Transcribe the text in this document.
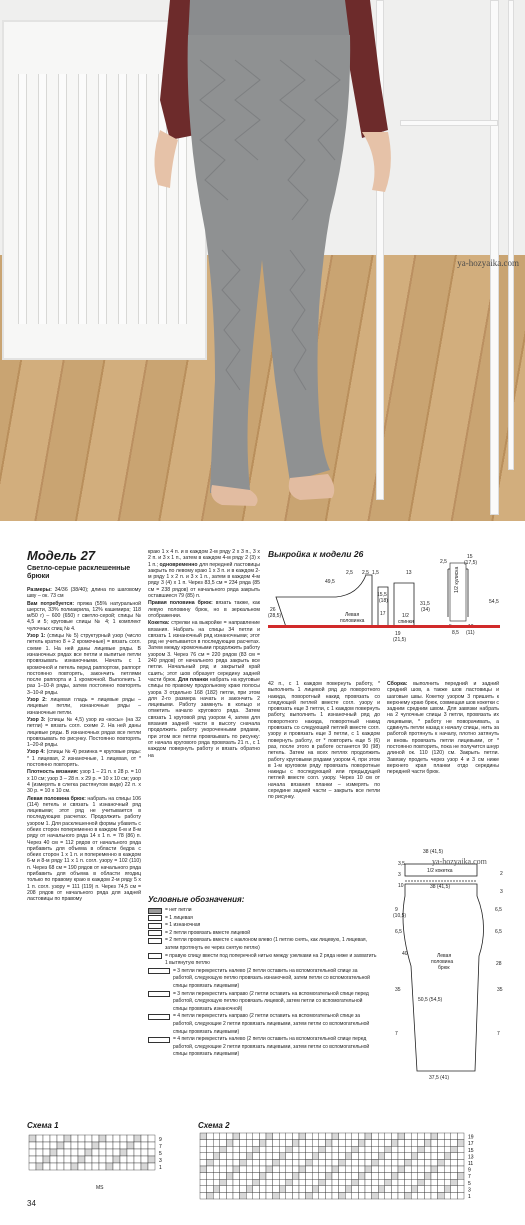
ya-hozyaika.com
Модель 27
Светло-серые расклешенные брюки

Размеры: 34/36 (38/40); длина по шаговому шву – ок. 73 см

Вам потребуется: пряжа (55% натуральной шерсти, 33% полиакрила, 12% кашемира; 118 м/50 г) – 600 (650) г светло-серой; спицы № 4,5 и 5; круговые спицы № 4; 1 комплект чулочных спиц № 4.

Узор 1: (спицы № 5) структурный узор (число петель кратно 8 + 2 кромочные) = вязать согл. схеме 1. На ней даны лицевые ряды. В изнаночных рядах все петли и выпитые петли провязывать изнаночными. Начать с 1 кромочной и петель перед раппортом, раппорт постоянно повторять, закончить петлями после раппорта и 1 кромочной. Выполнить 1 раз 1–10-й ряды, затем постоянно повторять 3–10-й ряды.

Узор 2: лицевая гладь = лицевые ряды – лицевые петли, изнаночные ряды – изнаночные петли.

Узор 3: (спицы № 4,5) узор из «косы» (на 32 петли) = вязать согл. схеме 2. На ней даны лицевые ряды. В изнаночных рядах все петли провязывать по рисунку. Постоянно повторять 1–20-й ряды.

Узор 4: (спицы № 4) резинка = круговые ряды: * 1 лицевая, 2 изнаночные, 1 лицевая, от * постоянно повторять.

Плотность вязания: узор 1 – 21 п. х 28 р. = 10 х 10 см; узор 3 – 28 п. х 29 р. = 10 х 10 см; узор 4 (измерять в слегка растянутом виде) 22 п. х 30 р. = 10 х 10 см.

Левая половина брюк: набрать на спицы 106 (114) петель и связать 1 изнаночный ряд лицевыми; этот ряд не учитывается в последующих расчетах. Продолжить работу узором 1. Для расклешенной формы убавить с обеих сторон попеременно в каждом 6-м и 8-м ряду от начального ряда 14 х 1 п. = 78 (86) п. Через 40 см = 112 рядов от начального ряда прибавить для объема в области бедра с обеих сторон 1 х 1 п. и попеременно в каждом 6-м и 8-м ряду 11 х 1 п. согл. узору = 102 (110) п. Через 68 см = 190 рядов от начального ряда прибавить для объема в области ягодиц только по правому краю в каждом 2-м ряду 5 х 1 п. согл. узору = 111 (119) п. Через 74,5 см = 208 рядов от начального ряда для задней ластовицы по правому

краю 1 х 4 п. и в каждом 2-м ряду 2 х 3 п., 3 х 2 п. и 3 х 1 п., затем в каждом 4-м ряду 2 (3) х 1 п.; одновременно для передней ластовицы закрыть по левому краю 1 х 3 п. и в каждом 2-м ряду 1 х 2 п. и 3 х 1 п., затем в каждом 4-м ряду 3 (4) х 1 п. Через 83,5 см = 234 ряда (85 см = 238 рядов) от начального ряда закрыть оставшиеся 79 (85) п.

Правая половина брюк: вязать также, как левую половину брюк, но в зеркальном отображении.

Кокетка: стрелки на выкройке = направление вязания. Набрать на спицы 34 петли и связать 1 изнаночный ряд изнаночными; этот ряд не учитывается в последующих расчетах. Затем между кромочными продолжить работу узором 3. Через 76 см = 220 рядов (83 см = 240 рядов) от начального ряда закрыть все петли. Начальный ряд и закрытый край сшить; этот шов образует середину задней части брюк. Для планки набрать на круговые спицы по правому продольному краю полосы узора 3 отдельно 168 (182) петли, при этом для 2-го размера начать и закончить 2 лицевыми. Работу замкнуть в кольцо и отметить начало кругового ряда. Затем связать 1 круговой ряд узором 4, затем для вязания задней части в высоту сначала продолжить работу укороченными рядами, при этом все петли провязывать по рисунку: от начала кругового ряда провязать 21 п., с 1 каждом повернуть работу и вязать обратно на

42 п., с 1 каждом повернуть работу, * выполнить 1 лицевой ряд до поворотного накида, поворотный накид провязать со следующей петлей вместе согл. узору и провязать еще 3 петли, с 1 каждом повернуть работу, выполнить 1 изнаночный ряд до поворотного накида, поворотный накид провязать со следующей петлей вместе согл. узору и провязать еще 3 петли, с 1 каждом повернуть работу, от * повторить еще 5 (6) раз, после этого в работе останется 90 (98) петель. Затем на всех петлях продолжить работу круговыми рядами узором 4, при этом в 1-м круговом ряду провязать поворотные накиды с последующей или предыдущей петлей вместе согл. узору. Через 10 см от начала вязания планки – измерять по середине задней части – закрыть все петли по рисунку.

Сборка: выполнить передний и задний средний шов, а также шов ластовицы и шаговые швы. Кокетку узором 3 пришить к верхнему краю брюк, совмещая шов кокетки с задним средним швом. Для завязки набрать на 2 чулочные спицы 3 петли, провязать их лицевыми, * работу не поворачивать, а сдвинуть петли назад к началу спицы, нить за работой протянуть к началу, плотно затянуть и вновь провязать петли лицевыми, от * постоянно повторить, пока не получится шнур длиной ок. 110 (120) см. Закрыть петли. Завязку продеть через узор 4 и 3 см ниже верхнего края планки отдо середины передней части брюк.

Выкройка к модели 26
49,5
2,5 2,5 1,5	13
15,5
(18)
17
26
(28,5)	Левая
половинка
1/2
спинки
31,5
(34)
19
(21,5)
2,5
15
(17,5)
1/2 кулиска
54,5
8,5 (11)
ya-hozyaika.com
38 (41,5)
1/2 кокетка
38 (41,5)
3,5
3
10
9
(10,5)
6,5	6,5
6,5
Левая
половина
брюк
35	35
7	7
50,5 (54,5)
37,5 (41)
2
3
40
28
Условные обозначения:
= нет петли
= 1 лицевая
= 1 изнаночная
= 2 петли провязать вместе лицевой
= 2 петли провязать вместе с наклоном влево (1 петлю снять, как лицевую, 1 лицевая, затем протянуть ее через снятую петлю)
= правую спицу ввести под поперечной нитью между узелками на 2 ряда ниже и захватить 1 вытянутую петлю
= 3 петли перекрестить налево (2 петли оставить на вспомогательной спице за работой, следующую петлю провязать изнаночной, затем петли со вспомогательной спицы провязать лицевыми)
= 3 петли перекрестить направо (2 петли оставить на вспомогательной спице перед работой, следующую петлю провязать лицевой, затем петли со вспомогательной спицы провязать изнаночной)
= 4 петли перекрестить направо (2 петли оставить на вспомогательной спице за работой, следующие 2 петли провязать лицевыми, затем петли со вспомогательной спицы провязать лицевыми)
= 4 петли перекрестить налево (2 петли оставить на вспомогательной спице перед работой, следующие 2 петли провязать лицевыми, затем петли со вспомогательной спицы провязать лицевыми)
Схема 1
9
7
5
3
1
MS
Схема 2
19
17
15
13
11
9
7
5
3
1
34
